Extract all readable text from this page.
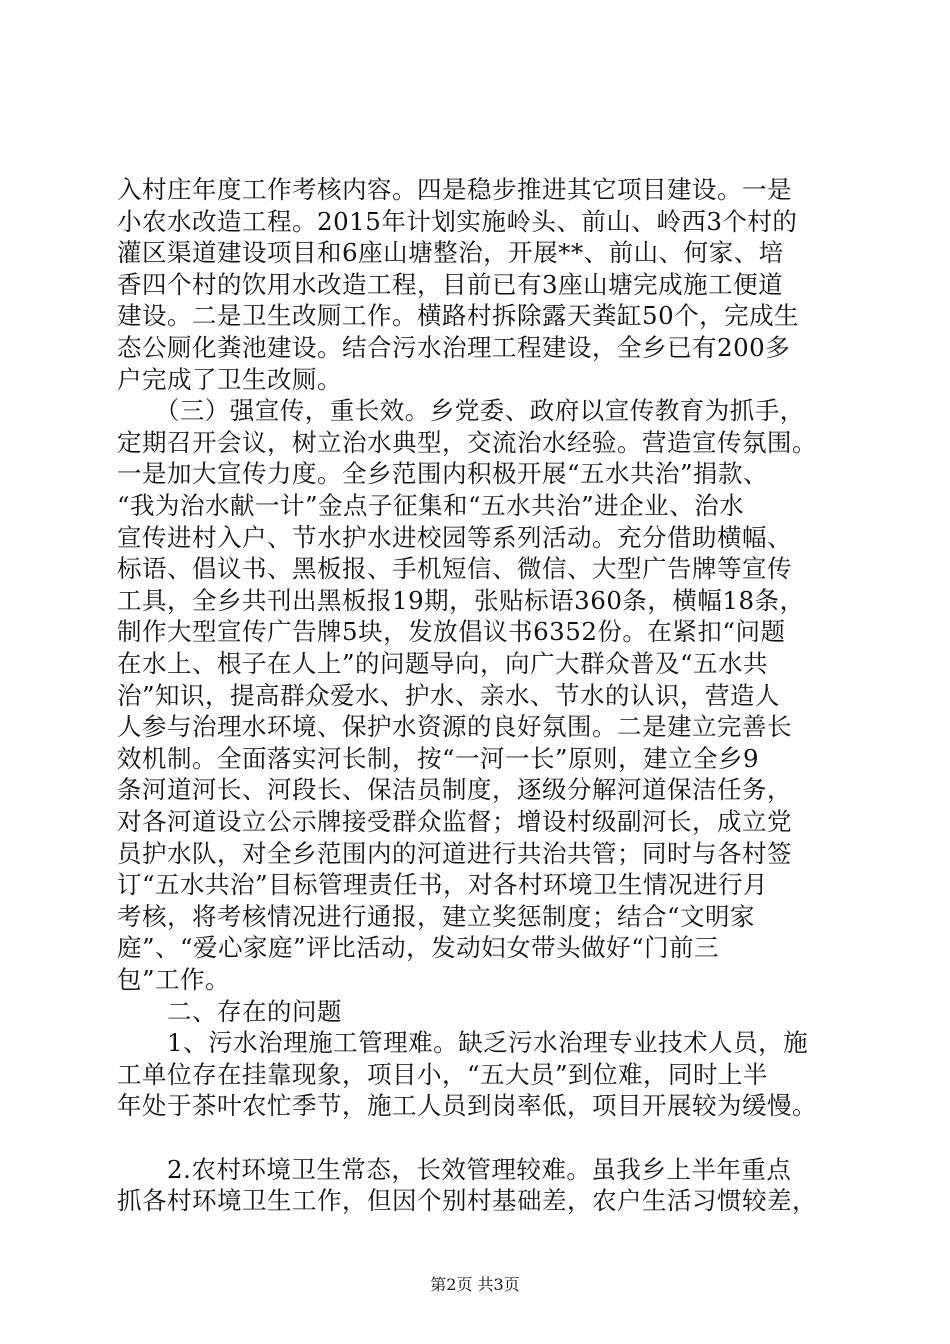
入村庄年度工作考核内容。四是稳步推进其它项目建设。一是
小农水改造工程。2015年计划实施岭头、前山、岭西3个村的
灌区渠道建设项目和6座山塘整治，开展**、前山、何家、培
香四个村的饮用水改造工程，目前已有3座山塘完成施工便道
建设。二是卫生改厕工作。横路村拆除露天粪缸50个，完成生
态公厕化粪池建设。结合污水治理工程建设，全乡已有200多
户完成了卫生改厕。
　　（三）强宣传，重长效。乡党委、政府以宣传教育为抓手，
定期召开会议，树立治水典型，交流治水经验。营造宣传氛围。
一是加大宣传力度。全乡范围内积极开展“五水共治”捐款、
“我为治水献一计”金点子征集和“五水共治”进企业、治水
宣传进村入户、节水护水进校园等系列活动。充分借助横幅、
标语、倡议书、黑板报、手机短信、微信、大型广告牌等宣传
工具，全乡共刊出黑板报19期，张贴标语360条，横幅18条，
制作大型宣传广告牌5块，发放倡议书6352份。在紧扣“问题
在水上、根子在人上”的问题导向，向广大群众普及“五水共
治”知识，提高群众爱水、护水、亲水、节水的认识，营造人
人参与治理水环境、保护水资源的良好氛围。二是建立完善长
效机制。全面落实河长制，按“一河一长”原则，建立全乡9
条河道河长、河段长、保洁员制度，逐级分解河道保洁任务，
对各河道设立公示牌接受群众监督；增设村级副河长，成立党
员护水队，对全乡范围内的河道进行共治共管；同时与各村签
订“五水共治”目标管理责任书，对各村环境卫生情况进行月
考核，将考核情况进行通报，建立奖惩制度；结合“文明家
庭”、“爱心家庭”评比活动，发动妇女带头做好“门前三
包”工作。
　　二、存在的问题
　　1、污水治理施工管理难。缺乏污水治理专业技术人员，施
工单位存在挂靠现象，项目小，“五大员”到位难，同时上半
年处于茶叶农忙季节，施工人员到岗率低，项目开展较为缓慢。
　　2.农村环境卫生常态，长效管理较难。虽我乡上半年重点
抓各村环境卫生工作，但因个别村基础差，农户生活习惯较差，
第2页 共3页
